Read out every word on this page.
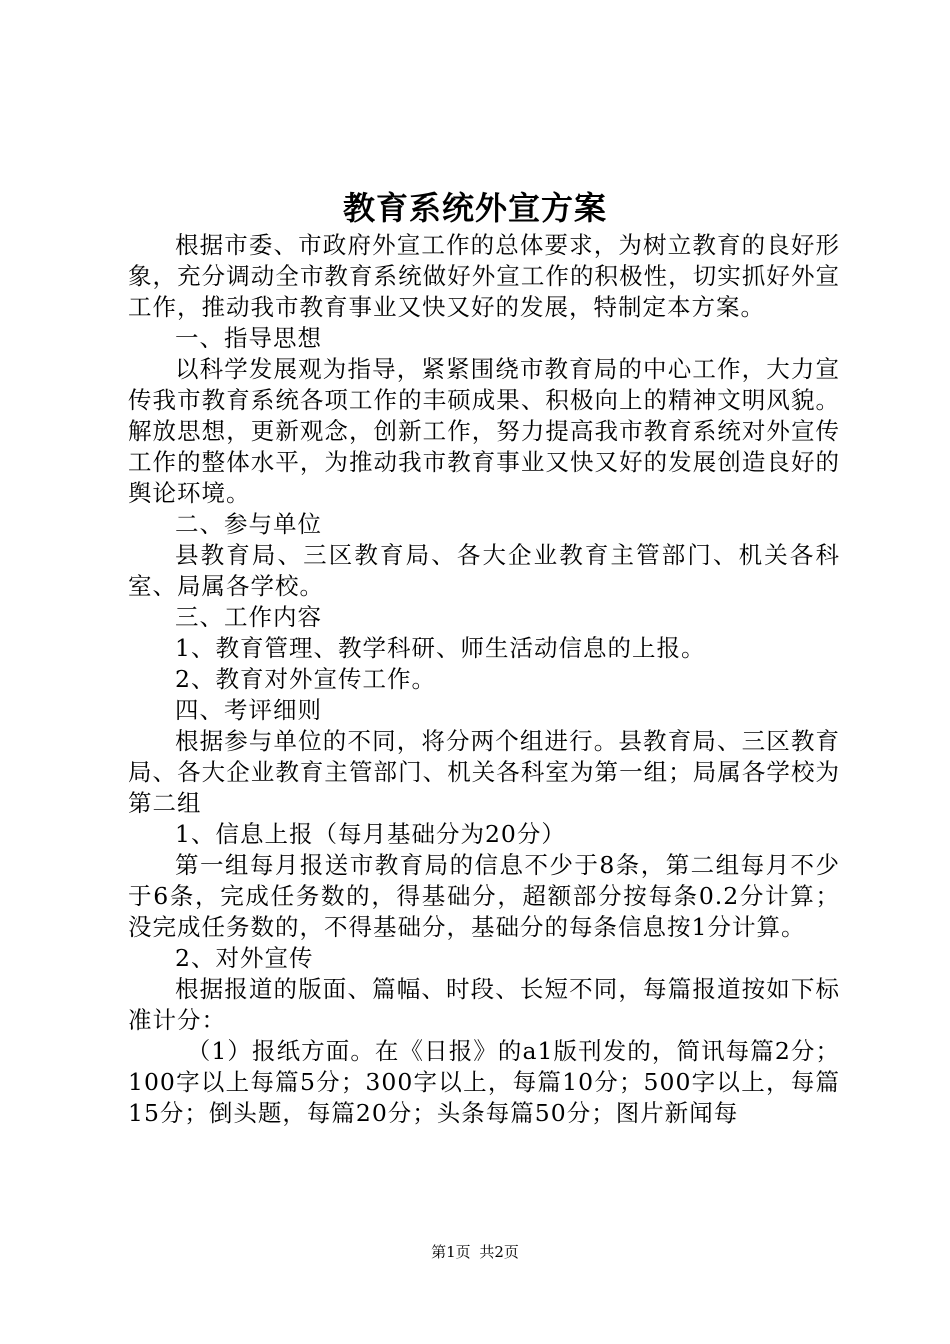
教育系统外宣方案

根据市委、市政府外宣工作的总体要求，为树立教育的良好形象，充分调动全市教育系统做好外宣工作的积极性，切实抓好外宣工作，推动我市教育事业又快又好的发展，特制定本方案。

一、指导思想

以科学发展观为指导，紧紧围绕市教育局的中心工作，大力宣传我市教育系统各项工作的丰硕成果、积极向上的精神文明风貌。解放思想，更新观念，创新工作，努力提高我市教育系统对外宣传工作的整体水平，为推动我市教育事业又快又好的发展创造良好的舆论环境。

二、参与单位

县教育局、三区教育局、各大企业教育主管部门、机关各科室、局属各学校。

三、工作内容

1、教育管理、教学科研、师生活动信息的上报。

2、教育对外宣传工作。

四、考评细则

根据参与单位的不同，将分两个组进行。县教育局、三区教育局、各大企业教育主管部门、机关各科室为第一组；局属各学校为第二组

1、信息上报（每月基础分为20分）

第一组每月报送市教育局的信息不少于8条，第二组每月不少于6条，完成任务数的，得基础分，超额部分按每条0.2分计算；没完成任务数的，不得基础分，基础分的每条信息按1分计算。

2、对外宣传

根据报道的版面、篇幅、时段、长短不同，每篇报道按如下标准计分：

（1）报纸方面。在《日报》的a1版刊发的，简讯每篇2分；100字以上每篇5分；300字以上，每篇10分；500字以上，每篇15分；倒头题，每篇20分；头条每篇50分；图片新闻每

第1页 共2页
